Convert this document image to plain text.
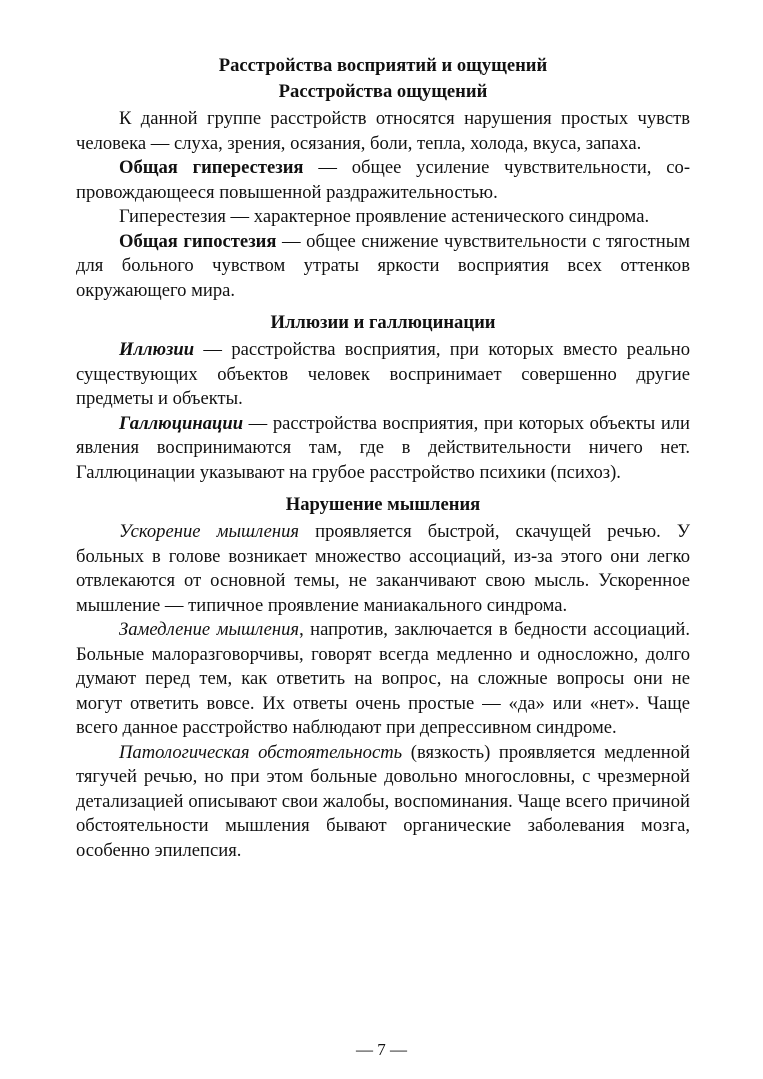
Расстройства восприятий и ощущений
Расстройства ощущений

К данной группе расстройств относятся нарушения простых чувств человека — слуха, зрения, осязания, боли, тепла, холода, вкуса, запаха.

Общая гиперестезия — общее усиление чувствительности, сопровождающееся повышенной раздражительностью.

Гиперестезия — характерное проявление астенического синдрома.

Общая гипостезия — общее снижение чувствительности с тягостным для больного чувством утраты яркости восприятия всех оттенков окружающего мира.

Иллюзии и галлюцинации

Иллюзии — расстройства восприятия, при которых вместо реально существующих объектов человек воспринимает совершенно другие предметы и объекты.

Галлюцинации — расстройства восприятия, при которых объекты или явления воспринимаются там, где в действительности ничего нет. Галлюцинации указывают на грубое расстройство психики (психоз).

Нарушение мышления

Ускорение мышления проявляется быстрой, скачущей речью. У больных в голове возникает множество ассоциаций, из-за этого они легко отвлекаются от основной темы, не заканчивают свою мысль. Ускоренное мышление — типичное проявление маниакального синдрома.

Замедление мышления, напротив, заключается в бедности ассоциаций. Больные малоразговорчивы, говорят всегда медленно и односложно, долго думают перед тем, как ответить на вопрос, на сложные вопросы они не могут ответить вовсе. Их ответы очень простые — «да» или «нет». Чаще всего данное расстройство наблюдают при депрессивном синдроме.

Патологическая обстоятельность (вязкость) проявляется медленной тягучей речью, но при этом больные довольно многословны, с чрезмерной детализацией описывают свои жалобы, воспоминания. Чаще всего причиной обстоятельности мышления бывают органические заболевания мозга, особенно эпилепсия.

— 7 —
